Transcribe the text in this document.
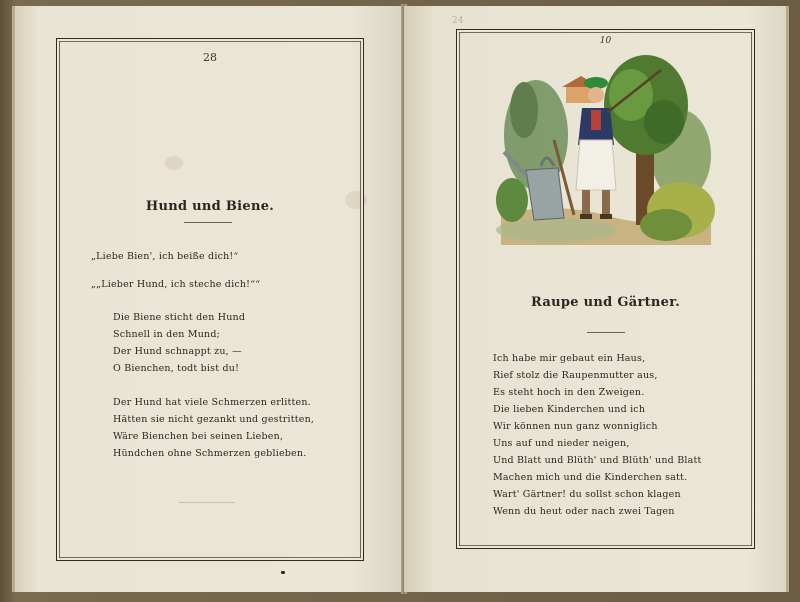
28
Hund und Biene.
„Liebe Bien', ich beiße dich!“
„„Lieber Hund, ich steche dich!““
Die Biene sticht den Hund
Schnell in den Mund;
Der Hund schnappt zu, —
O Bienchen, todt bist du!
Der Hund hat viele Schmerzen erlitten.
Hätten sie nicht gezankt und gestritten,
Wäre Bienchen bei seinen Lieben,
Hündchen ohne Schmerzen geblieben.
24
10
Raupe und Gärtner.
Ich habe mir gebaut ein Haus,
Rief stolz die Raupenmutter aus,
Es steht hoch in den Zweigen.
Die lieben Kinderchen und ich
Wir können nun ganz wonniglich
Uns auf und nieder neigen,
Und Blatt und Blüth' und Blüth' und Blatt
Machen mich und die Kinderchen satt.
Wart' Gärtner! du sollst schon klagen
Wenn du heut oder nach zwei Tagen
